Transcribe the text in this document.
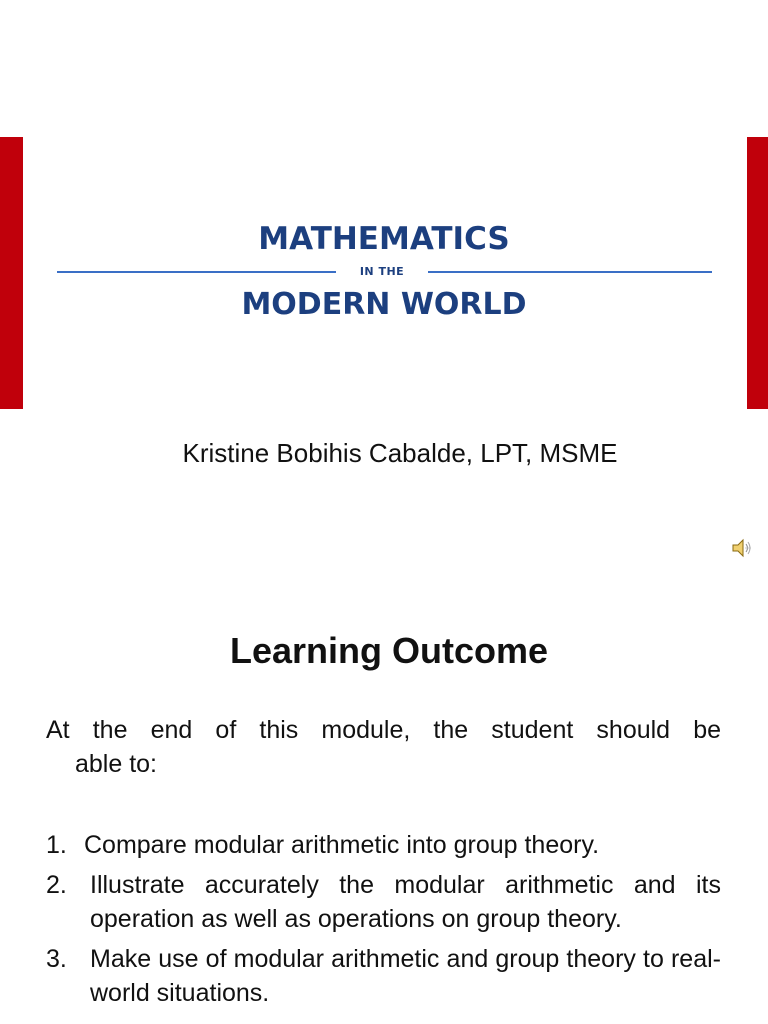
MATHEMATICS
IN THE
MODERN WORLD
Kristine Bobihis Cabalde, LPT, MSME
Learning Outcome
At the end of this module, the student should be
able to:
1. Compare modular arithmetic into group theory.
2. Illustrate accurately the modular arithmetic and its operation as well as operations on group theory.
3. Make use of modular arithmetic and group theory to real-world situations.
